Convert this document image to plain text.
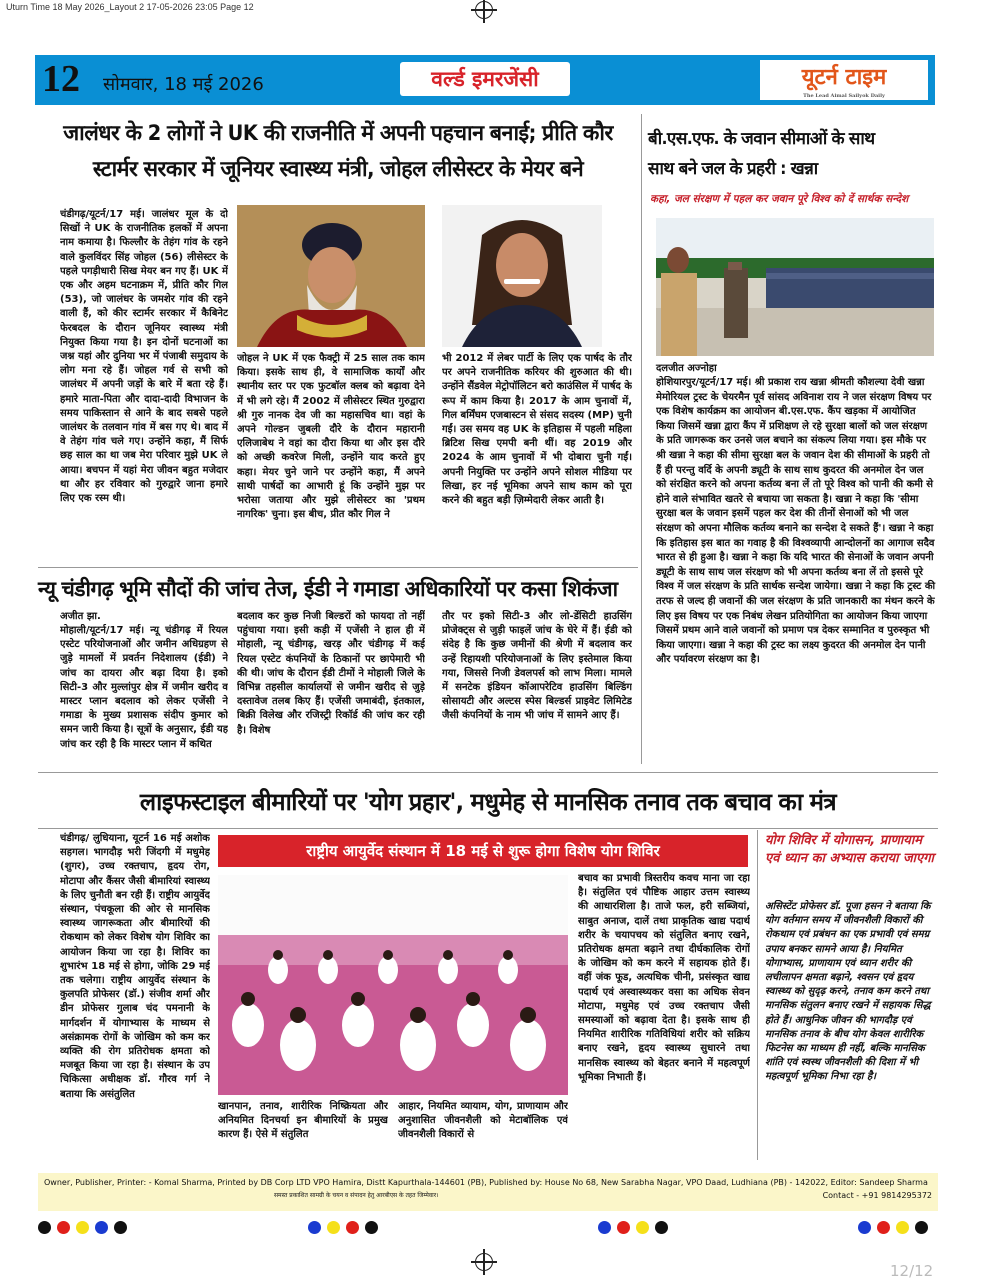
Uturn Time 18 May 2026_Layout 2 17-05-2026 23:05 Page 12
12 सोमवार, 18 मई 2026	वर्ल्ड इमरजेंसी	यूटर्न टाइम
The Lead Aimal Sailyok Daily
जालंधर के 2 लोगों ने UK की राजनीति में अपनी पहचान बनाई; प्रीति कौर
स्टार्मर सरकार में जूनियर स्वास्थ्य मंत्री, जोहल लीसेस्टर के मेयर बने
चंडीगढ़/यूटर्न/17 मई। जालंधर मूल के दो सिखों ने UK के राजनीतिक हलकों में अपना नाम कमाया है। फिल्लौर के तेहंग गांव के रहने वाले कुलविंदर सिंह जोहल (56) लीसेस्टर के पहले पगड़ीधारी सिख मेयर बन गए हैं। UK में एक और अहम घटनाक्रम में, प्रीति कौर गिल (53), जो जालंधर के जमशेर गांव की रहने वाली हैं, को कीर स्टार्मर सरकार में कैबिनेट फेरबदल के दौरान जूनियर स्वास्थ्य मंत्री नियुक्त किया गया है। इन दोनों घटनाओं का जश्न यहां और दुनिया भर में पंजाबी समुदाय के लोग मना रहे हैं। जोहल गर्व से सभी को जालंधर में अपनी जड़ों के बारे में बता रहे हैं। हमारे माता-पिता और दादा-दादी विभाजन के समय पाकिस्तान से आने के बाद सबसे पहले जालंधर के तलवान गांव में बस गए थे। बाद में वे तेहंग गांव चले गए। उन्होंने कहा, मैं सिर्फ छह साल का था जब मेरा परिवार मुझे UK ले आया। बचपन में यहां मेरा जीवन बहुत मजेदार था और हर रविवार को गुरुद्वारे जाना हमारे लिए एक रस्म थी।
जोहल ने UK में एक फैक्ट्री में 25 साल तक काम किया। इसके साथ ही, वे सामाजिक कार्यों और स्थानीय स्तर पर एक फुटबॉल क्लब को बढ़ावा देने में भी लगे रहे। मैं 2002 में लीसेस्टर स्थित गुरुद्वारा श्री गुरु नानक देव जी का महासचिव था। वहां के अपने गोल्डन जुबली दौरे के दौरान महारानी एलिजाबेथ ने वहां का दौरा किया था और इस दौरे को अच्छी कवरेज मिली, उन्होंने याद करते हुए कहा। मेयर चुने जाने पर उन्होंने कहा, मैं अपने साथी पार्षदों का आभारी हूं कि उन्होंने मुझ पर भरोसा जताया और मुझे लीसेस्टर का 'प्रथम नागरिक' चुना। इस बीच, प्रीत कौर गिल ने
भी 2012 में लेबर पार्टी के लिए एक पार्षद के तौर पर अपने राजनीतिक करियर की शुरुआत की थी। उन्होंने सैंडवेल मेट्रोपॉलिटन बरो काउंसिल में पार्षद के रूप में काम किया है। 2017 के आम चुनावों में, गिल बर्मिंघम एजबास्टन से संसद सदस्य (MP) चुनी गईं। उस समय वह UK के इतिहास में पहली महिला ब्रिटिश सिख एमपी बनी थीं। वह 2019 और 2024 के आम चुनावों में भी दोबारा चुनी गईं। अपनी नियुक्ति पर उन्होंने अपने सोशल मीडिया पर लिखा, हर नई भूमिका अपने साथ काम को पूरा करने की बहुत बड़ी ज़िम्मेदारी लेकर आती है।
बी.एस.एफ. के जवान सीमाओं के साथ
साथ बने जल के प्रहरी : खन्ना
कहा, जल संरक्षण में पहल कर जवान पूरे विश्व को दें सार्थक सन्देश
दलजीत अज्नोहा
होशियारपुर/यूटर्न/17 मई। श्री प्रकाश राय खन्ना श्रीमती कौशल्या देवी खन्ना मेमोरियल ट्रस्ट के चेयरमैन पूर्व सांसद अविनाश राय ने जल संरक्षण विषय पर एक विशेष कार्यक्रम का आयोजन बी.एस.एफ. कैंप खड़का में आयोजित किया जिसमें खन्ना द्वारा कैंप में प्रशिक्षण ले रहे सुरक्षा बालों को जल संरक्षण के प्रति जागरूक कर उनसे जल बचाने का संकल्प लिया गया। इस मौके पर श्री खन्ना ने कहा की सीमा सुरक्षा बल के जवान देश की सीमाओं के प्रहरी तो हैं ही परन्तु वर्दि के अपनी ड्यूटी के साथ साथ कुदरत की अनमोल देन जल को संरक्षित करने को अपना कर्तव्य बना लें तो पूरे विश्व को पानी की कमी से होने वाले संभावित खतरे से बचाया जा सकता है। खन्ना ने कहा कि 'सीमा सुरक्षा बल के जवान इसमें पहल कर देश की तीनों सेनाओं को भी जल संरक्षण को अपना मौलिक कर्तव्य बनाने का सन्देश दे सकते हैं'। खन्ना ने कहा कि इतिहास इस बात का गवाह है की विश्वव्यापी आन्दोलनों का आगाज सदैव भारत से ही हुआ है। खन्ना ने कहा कि यदि भारत की सेनाओं के जवान अपनी ड्यूटी के साथ साथ जल संरक्षण को भी अपना कर्तव्य बना लें तो इससे पूरे विश्व में जल संरक्षण के प्रति सार्थक सन्देश जायेगा। खन्ना ने कहा कि ट्रस्ट की तरफ से जल्द ही जवानों की जल संरक्षण के प्रति जानकारी का मंथन करने के लिए इस विषय पर एक निबंध लेखन प्रतियोगिता का आयोजन किया जाएगा जिसमें प्रथम आने वाले जवानों को प्रमाण पत्र देकर सम्मानित व पुरुस्कृत भी किया जाएगा। खन्ना ने कहा की ट्रस्ट का लक्ष्य कुदरत की अनमोल देन पानी और पर्यावरण संरक्षण का है।
न्यू चंडीगढ़ भूमि सौदों की जांच तेज, ईडी ने गमाडा अधिकारियों पर कसा शिकंजा
अजीत झा.
मोहाली/यूटर्न/17 मई। न्यू चंडीगढ़ में रियल एस्टेट परियोजनाओं और जमीन अधिग्रहण से जुड़े मामलों में प्रवर्तन निदेशालय (ईडी) ने जांच का दायरा और बढ़ा दिया है। इको सिटी-3 और मुल्लांपुर क्षेत्र में जमीन खरीद व मास्टर प्लान बदलाव को लेकर एजेंसी ने गमाडा के मुख्य प्रशासक संदीप कुमार को समन जारी किया है। सूत्रों के अनुसार, ईडी यह जांच कर रही है कि मास्टर प्लान में कथित
बदलाव कर कुछ निजी बिल्डरों को फायदा तो नहीं पहुंचाया गया। इसी कड़ी में एजेंसी ने हाल ही में मोहाली, न्यू चंडीगढ़, खरड़ और चंडीगढ़ में कई रियल एस्टेट कंपनियों के ठिकानों पर छापेमारी भी की थी। जांच के दौरान ईडी टीमों ने मोहाली जिले के विभिन्न तहसील कार्यालयों से जमीन खरीद से जुड़े दस्तावेज तलब किए हैं। एजेंसी जमाबंदी, इंतकाल, बिक्री विलेख और रजिस्ट्री रिकॉर्ड की जांच कर रही है। विशेष
तौर पर इको सिटी-3 और लो-डेंसिटी हाउसिंग प्रोजेक्ट्स से जुड़ी फाइलें जांच के घेरे में हैं। ईडी को संदेह है कि कुछ जमीनों की श्रेणी में बदलाव कर उन्हें रिहायशी परियोजनाओं के लिए इस्तेमाल किया गया, जिससे निजी डेवलपर्स को लाभ मिला। मामले में सनटेक इंडियन कॉआपरेटिव हाउसिंग बिल्डिंग सोसायटी और अल्टस स्पेस बिल्डर्स प्राइवेट लिमिटेड जैसी कंपनियों के नाम भी जांच में सामने आए हैं।
लाइफस्टाइल बीमारियों पर 'योग प्रहार', मधुमेह से मानसिक तनाव तक बचाव का मंत्र
चंडीगढ़/ लुधियाना, यूटर्न 16 मई अशोक सहगल। भागदौड़ भरी जिंदगी में मधुमेह (शुगर), उच्च रक्तचाप, हृदय रोग, मोटापा और कैंसर जैसी बीमारियां स्वास्थ्य के लिए चुनौती बन रही हैं। राष्ट्रीय आयुर्वेद संस्थान, पंचकूला की ओर से मानसिक स्वास्थ्य जागरूकता और बीमारियों की रोकथाम को लेकर विशेष योग शिविर का आयोजन किया जा रहा है। शिविर का शुभारंभ 18 मई से होगा, जोकि 29 मई तक चलेगा। राष्ट्रीय आयुर्वेद संस्थान के कुलपति प्रोफेसर (डॉ.) संजीव शर्मा और डीन प्रोफेसर गुलाब चंद पमनानी के मार्गदर्शन में योगाभ्यास के माध्यम से असंक्रामक रोगों के जोखिम को कम कर व्यक्ति की रोग प्रतिरोधक क्षमता को मजबूत किया जा रहा है। संस्थान के उप चिकित्सा अधीक्षक डॉ. गौरव गर्ग ने बताया कि असंतुलित
राष्ट्रीय आयुर्वेद संस्थान में 18 मई से शुरू होगा विशेष योग शिविर
खानपान, तनाव, शारीरिक निष्क्रियता और अनियमित दिनचर्या इन बीमारियों के प्रमुख कारण हैं। ऐसे में संतुलित
आहार, नियमित व्यायाम, योग, प्राणायाम और अनुशासित जीवनशैली को मेटाबॉलिक एवं जीवनशैली विकारों से
बचाव का प्रभावी त्रिस्तरीय कवच माना जा रहा है। संतुलित एवं पौष्टिक आहार उत्तम स्वास्थ्य की आधारशिला है। ताजे फल, हरी सब्जियां, साबुत अनाज, दालें तथा प्राकृतिक खाद्य पदार्थ शरीर के चयापचय को संतुलित बनाए रखने, प्रतिरोधक क्षमता बढ़ाने तथा दीर्घकालिक रोगों के जोखिम को कम करने में सहायक होते हैं। वहीं जंक फूड, अत्यधिक चीनी, प्रसंस्कृत खाद्य पदार्थ एवं अस्वास्थ्यकर वसा का अधिक सेवन मोटापा, मधुमेह एवं उच्च रक्तचाप जैसी समस्याओं को बढ़ावा देता है। इसके साथ ही नियमित शारीरिक गतिविधियां शरीर को सक्रिय बनाए रखने, हृदय स्वास्थ्य सुधारने तथा मानसिक स्वास्थ्य को बेहतर बनाने में महत्वपूर्ण भूमिका निभाती हैं।
योग शिविर में योगासन, प्राणायाम एवं ध्यान का अभ्यास कराया जाएगा
असिस्टेंट प्रोफेसर डॉ. पूजा हसन ने बताया कि योग वर्तमान समय में जीवनशैली विकारों की रोकथाम एवं प्रबंधन का एक प्रभावी एवं समग्र उपाय बनकर सामने आया है। नियमित योगाभ्यास, प्राणायाम एवं ध्यान शरीर की लचीलापन क्षमता बढ़ाने, श्वसन एवं हृदय स्वास्थ्य को सुदृढ़ करने, तनाव कम करने तथा मानसिक संतुलन बनाए रखने में सहायक सिद्ध होते हैं। आधुनिक जीवन की भागदौड़ एवं मानसिक तनाव के बीच योग केवल शारीरिक फिटनेस का माध्यम ही नहीं, बल्कि मानसिक शांति एवं स्वस्थ जीवनशैली की दिशा में भी महत्वपूर्ण भूमिका निभा रहा है।
Owner, Publisher, Printer: - Komal Sharma, Printed by DB Corp LTD VPO Hamira, Distt Kapurthala-144601 (PB), Published by: House No 68, New Sarabha Nagar, VPO Daad, Ludhiana (PB) - 142022, Editor: Sandeep Sharma
समस्त प्रकाशित सामग्री के चयन व संपादन हेतु आरबीएस के तहत जिम्मेवार।	Contact - +91 9814295372
12/12
